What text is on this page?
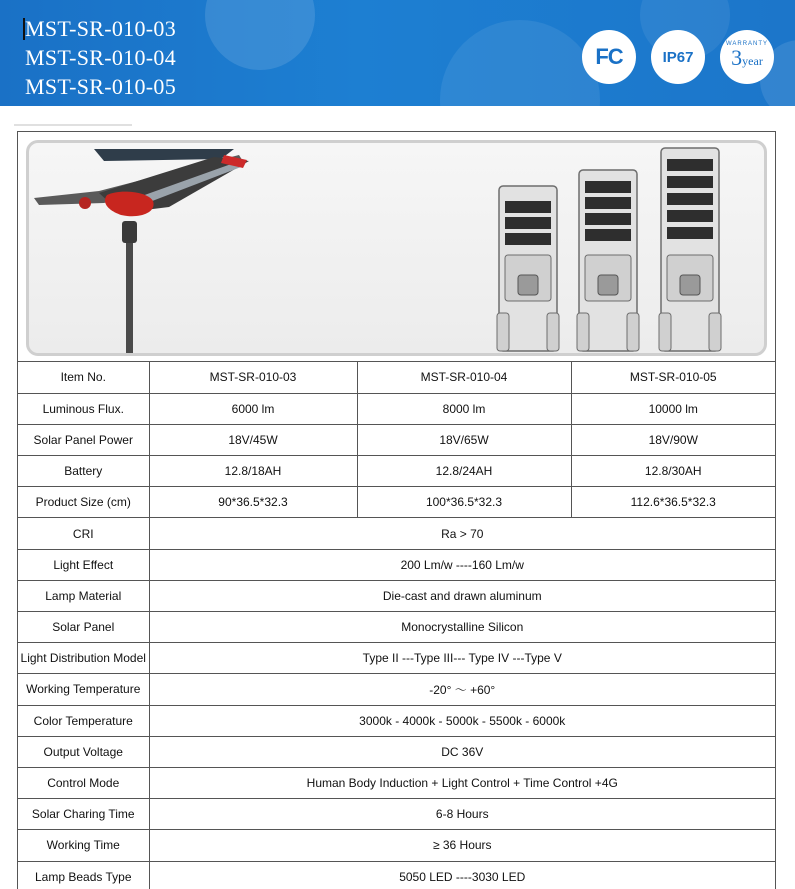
MST-SR-010-03
MST-SR-010-04
MST-SR-010-05
FC	IP67
WARRANTY
3 year
Item No.	MST-SR-010-03	MST-SR-010-04	MST-SR-010-05
Luminous Flux.	6000 lm	8000 lm	10000 lm
Solar Panel Power	18V/45W	18V/65W	18V/90W
Battery	12.8/18AH	12.8/24AH	12.8/30AH
Product Size (cm)	90*36.5*32.3	100*36.5*32.3	112.6*36.5*32.3
CRI	Ra > 70		
Light Effect	200 Lm/w ----160 Lm/w		
Lamp Material	Die-cast and drawn aluminum		
Solar Panel	Monocrystalline Silicon		
Light Distribution Model	Type II ---Type III--- Type IV ---Type V		
Working Temperature	-20° ～ +60°		
Color Temperature	3000k - 4000k - 5000k - 5500k - 6000k		
Output Voltage	DC 36V		
Control Mode	Human Body Induction + Light Control + Time Control +4G		
Solar Charing Time	6-8 Hours		
Working Time	≥ 36 Hours		
Lamp Beads Type	5050 LED ----3030 LED		
